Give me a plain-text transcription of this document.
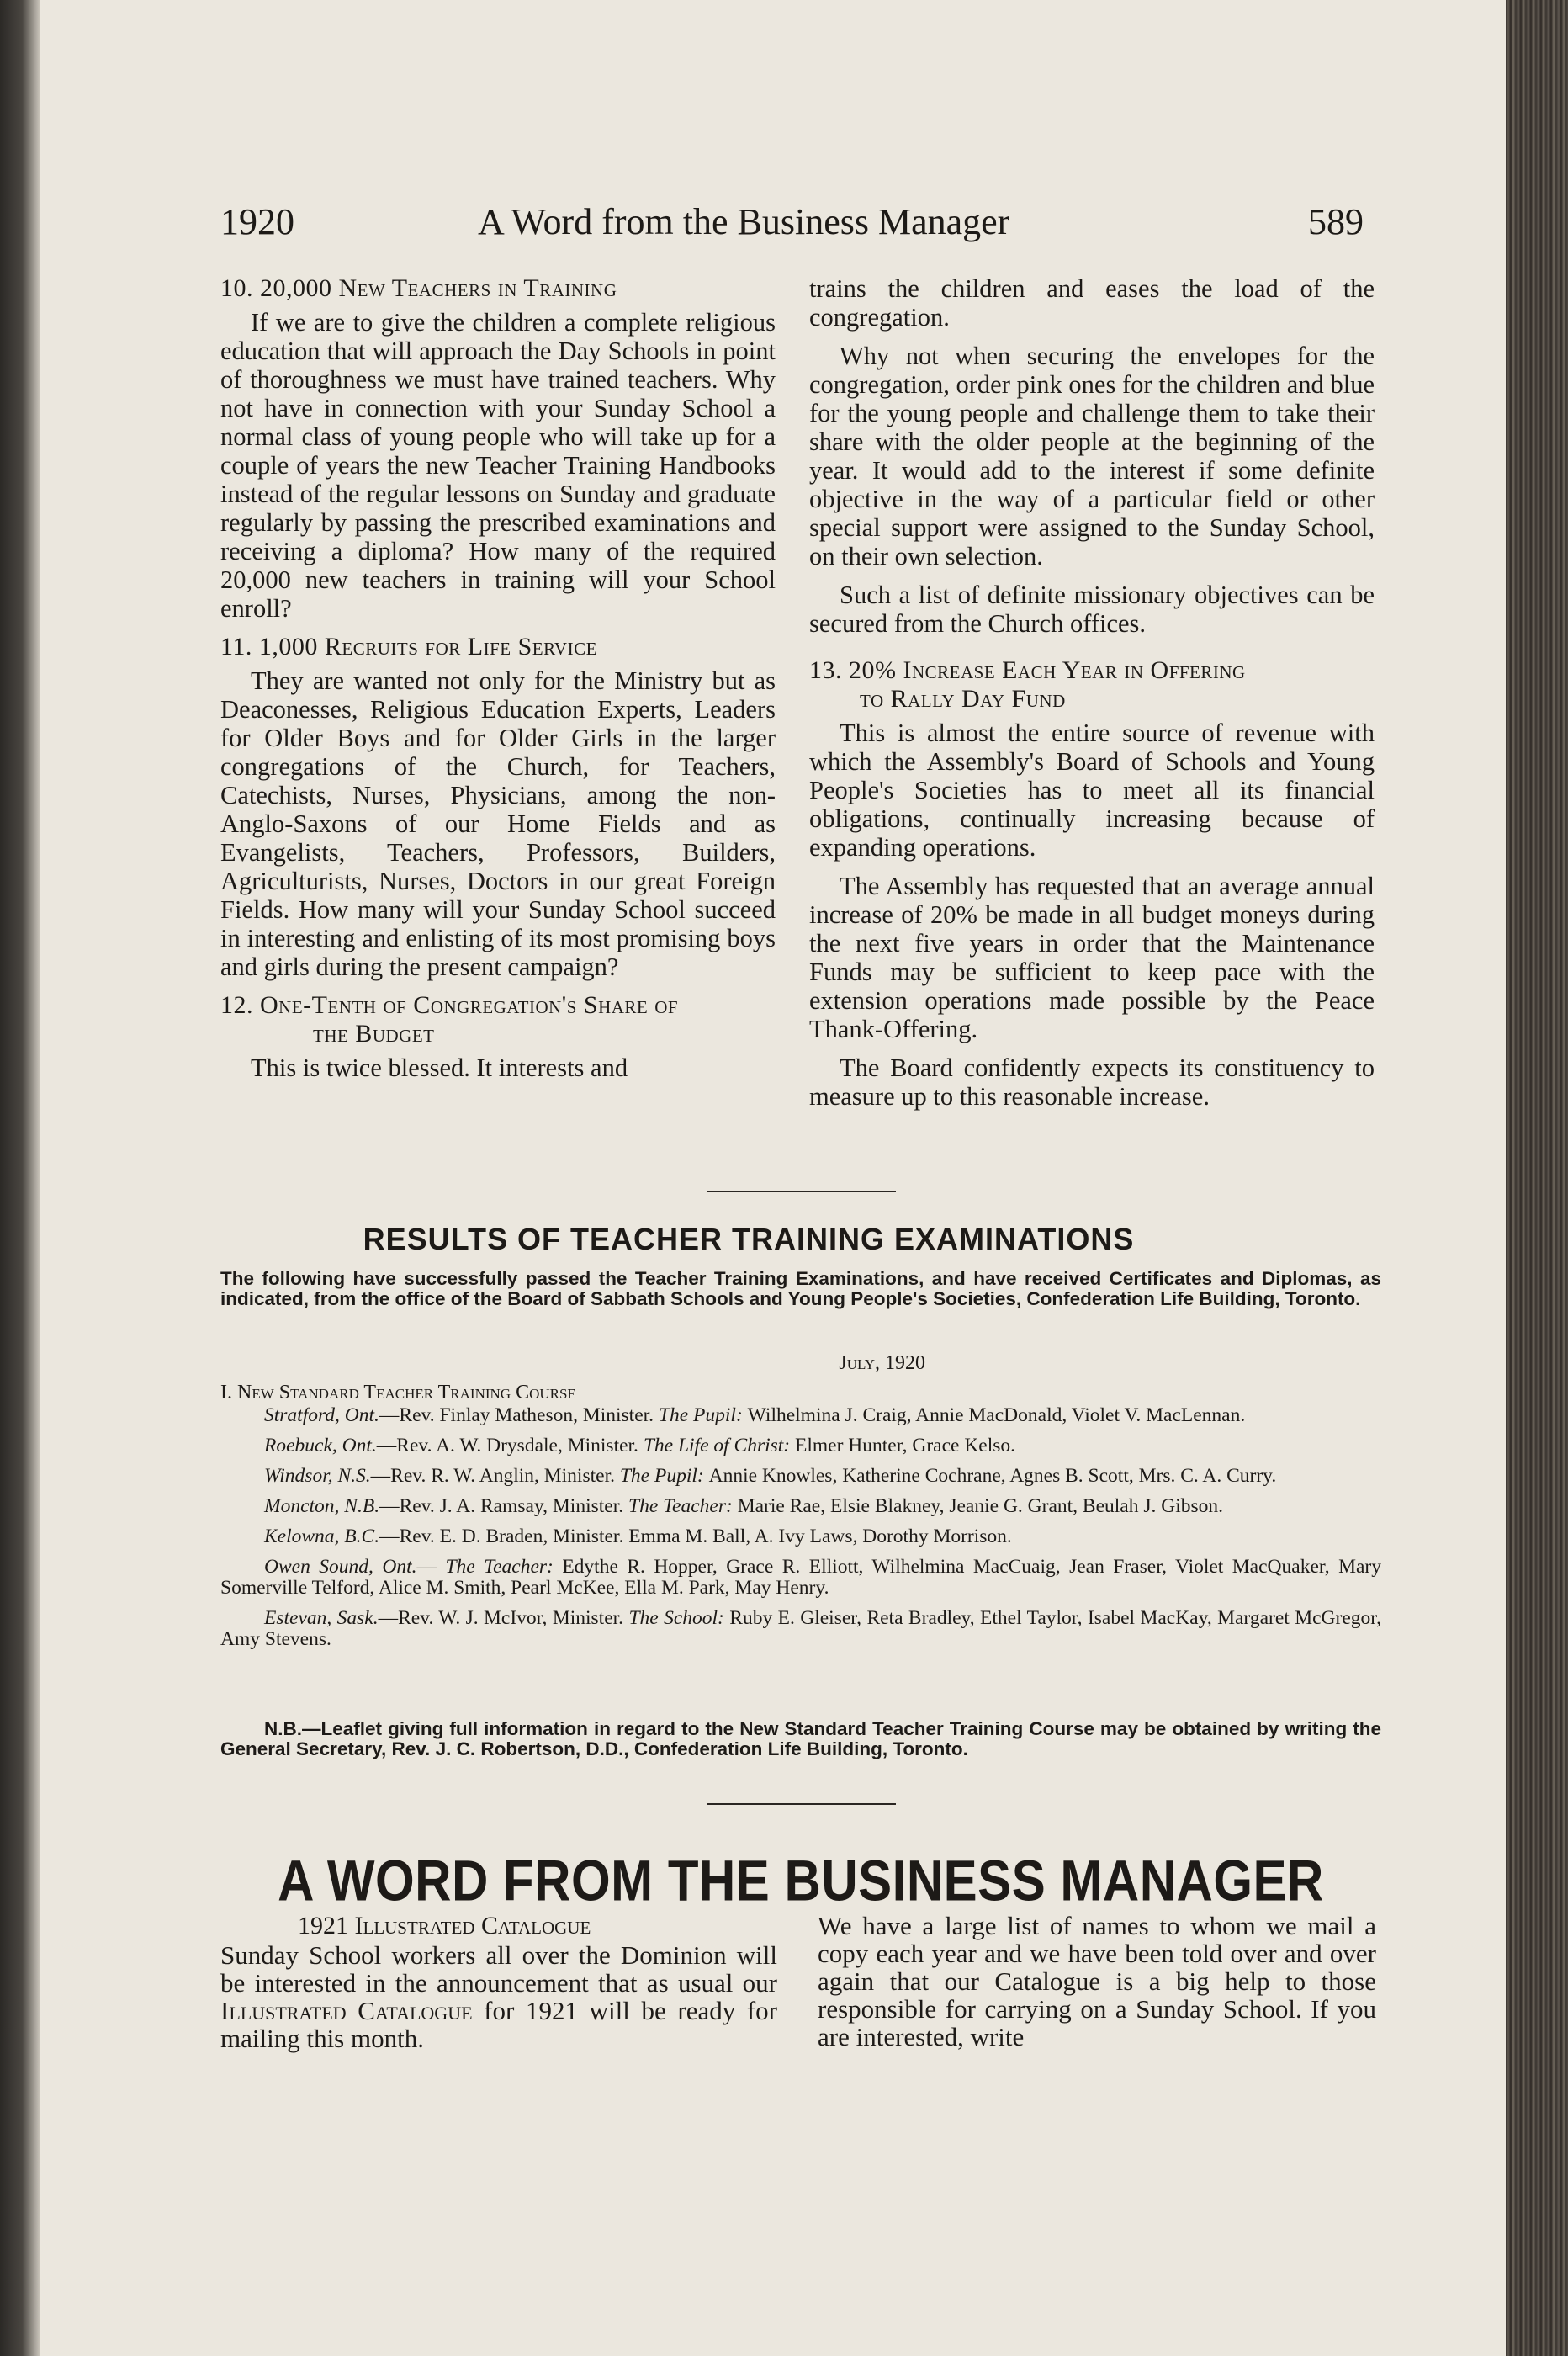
1920	A Word from the Business Manager	589
10. 20,000 New Teachers in Training

If we are to give the children a complete religious education that will approach the Day Schools in point of thoroughness we must have trained teachers. Why not have in connection with your Sunday School a normal class of young people who will take up for a couple of years the new Teacher Training Handbooks instead of the regular lessons on Sunday and graduate regularly by passing the prescribed examinations and receiving a diploma? How many of the required 20,000 new teachers in training will your School enroll?

11. 1,000 Recruits for Life Service

They are wanted not only for the Ministry but as Deaconesses, Religious Education Experts, Leaders for Older Boys and for Older Girls in the larger congregations of the Church, for Teachers, Catechists, Nurses, Physicians, among the non-Anglo-Saxons of our Home Fields and as Evangelists, Teachers, Professors, Builders, Agriculturists, Nurses, Doctors in our great Foreign Fields. How many will your Sunday School succeed in interesting and enlisting of its most promising boys and girls during the present campaign?

12. One-Tenth of Congregation's Share of
the Budget

This is twice blessed. It interests and

trains the children and eases the load of the congregation.

Why not when securing the envelopes for the congregation, order pink ones for the children and blue for the young people and challenge them to take their share with the older people at the beginning of the year. It would add to the interest if some definite objective in the way of a particular field or other special support were assigned to the Sunday School, on their own selection.

Such a list of definite missionary objectives can be secured from the Church offices.

13. 20% Increase Each Year in Offering
to Rally Day Fund

This is almost the entire source of revenue with which the Assembly's Board of Schools and Young People's Societies has to meet all its financial obligations, continually increasing because of expanding operations.

The Assembly has requested that an average annual increase of 20% be made in all budget moneys during the next five years in order that the Maintenance Funds may be sufficient to keep pace with the extension operations made possible by the Peace Thank-Offering.

The Board confidently expects its constituency to measure up to this reasonable increase.

RESULTS OF TEACHER TRAINING EXAMINATIONS
The following have successfully passed the Teacher Training Examinations, and have received Certificates and Diplomas, as indicated, from the office of the Board of Sabbath Schools and Young People's Societies, Confederation Life Building, Toronto.
July, 1920
I. New Standard Teacher Training Course

Stratford, Ont.—Rev. Finlay Matheson, Minister. The Pupil: Wilhelmina J. Craig, Annie MacDonald, Violet V. MacLennan.

Roebuck, Ont.—Rev. A. W. Drysdale, Minister. The Life of Christ: Elmer Hunter, Grace Kelso.

Windsor, N.S.—Rev. R. W. Anglin, Minister. The Pupil: Annie Knowles, Katherine Cochrane, Agnes B. Scott, Mrs. C. A. Curry.

Moncton, N.B.—Rev. J. A. Ramsay, Minister. The Teacher: Marie Rae, Elsie Blakney, Jeanie G. Grant, Beulah J. Gibson.

Kelowna, B.C.—Rev. E. D. Braden, Minister. Emma M. Ball, A. Ivy Laws, Dorothy Morrison.

Owen Sound, Ont.— The Teacher: Edythe R. Hopper, Grace R. Elliott, Wilhelmina MacCuaig, Jean Fraser, Violet MacQuaker, Mary Somerville Telford, Alice M. Smith, Pearl McKee, Ella M. Park, May Henry.

Estevan, Sask.—Rev. W. J. McIvor, Minister. The School: Ruby E. Gleiser, Reta Bradley, Ethel Taylor, Isabel MacKay, Margaret McGregor, Amy Stevens.

N.B.—Leaflet giving full information in regard to the New Standard Teacher Training Course may be obtained by writing the General Secretary, Rev. J. C. Robertson, D.D., Confederation Life Building, Toronto.
A WORD FROM THE BUSINESS MANAGER
1921 Illustrated Catalogue

Sunday School workers all over the Dominion will be interested in the announcement that as usual our Illustrated Catalogue for 1921 will be ready for mailing this month.

We have a large list of names to whom we mail a copy each year and we have been told over and over again that our Catalogue is a big help to those responsible for carrying on a Sunday School. If you are interested, write
